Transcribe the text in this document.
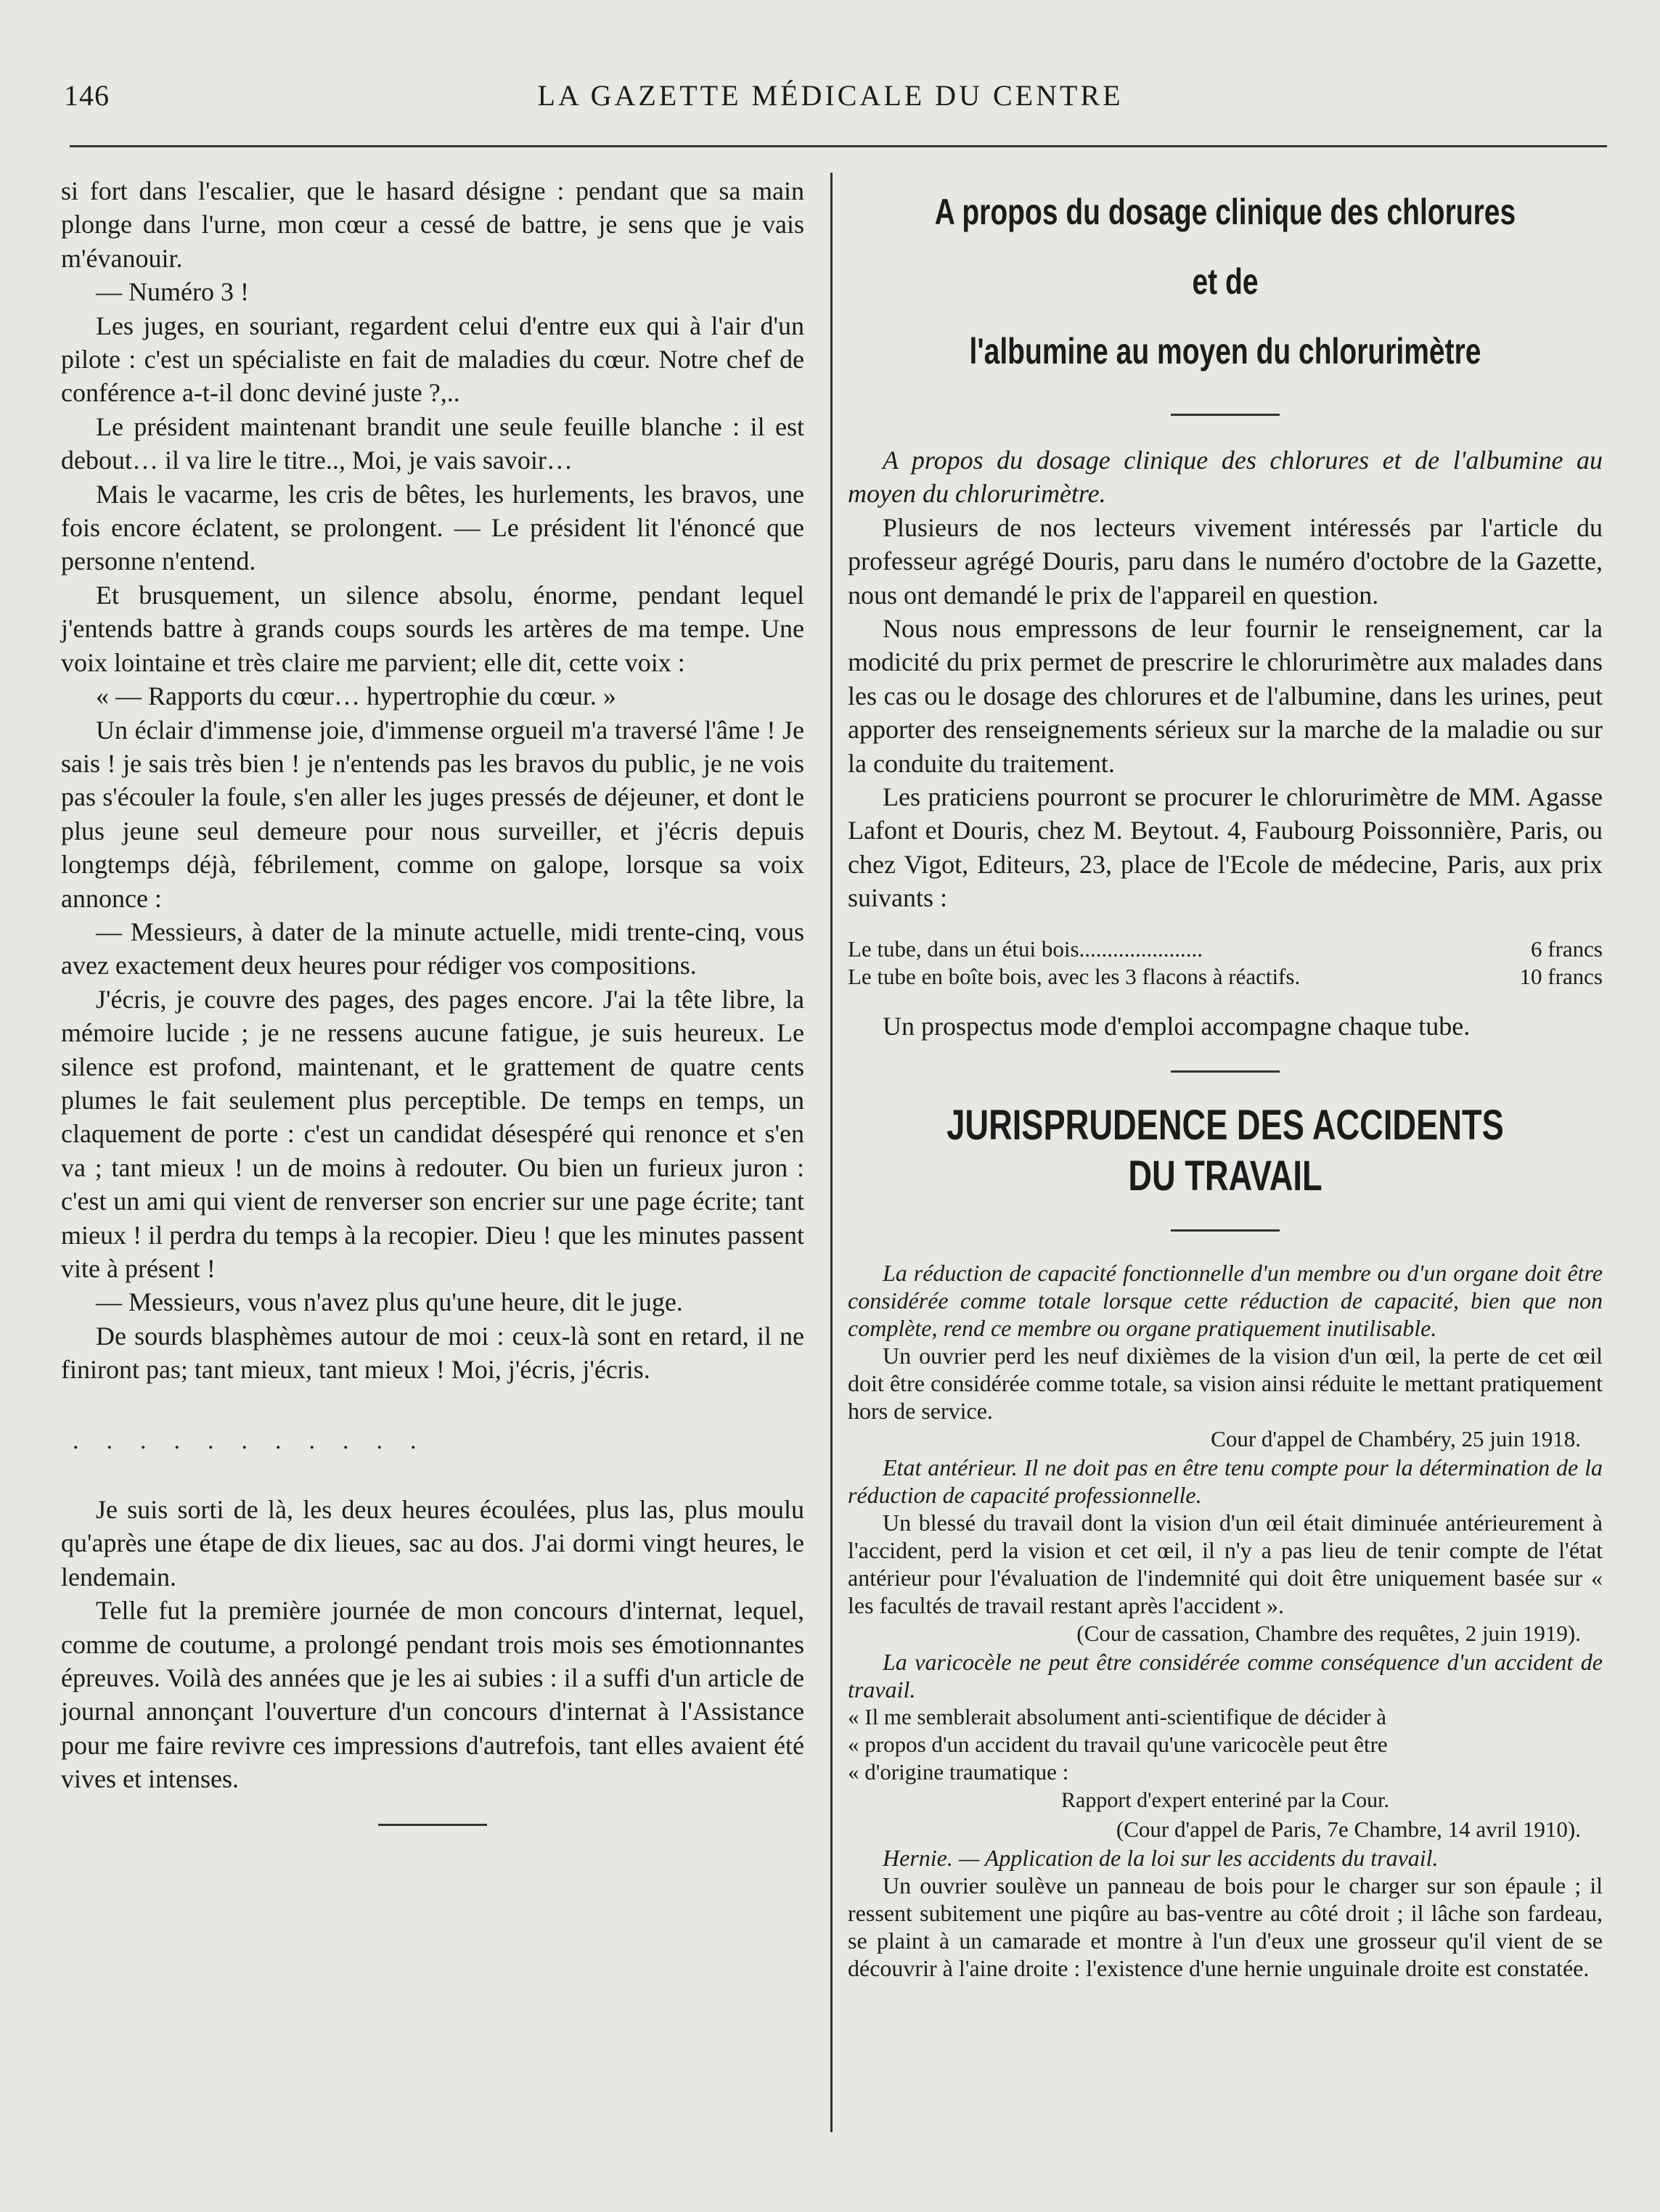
146	LA GAZETTE MÉDICALE DU CENTRE

si fort dans l'escalier, que le hasard désigne : pendant que sa main plonge dans l'urne, mon cœur a cessé de battre, je sens que je vais m'évanouir.

— Numéro 3 !

Les juges, en souriant, regardent celui d'entre eux qui à l'air d'un pilote : c'est un spécialiste en fait de maladies du cœur. Notre chef de conférence a-t-il donc deviné juste ?,..

Le président maintenant brandit une seule feuille blanche : il est debout… il va lire le titre.., Moi, je vais savoir…

Mais le vacarme, les cris de bêtes, les hurlements, les bravos, une fois encore éclatent, se prolongent. — Le président lit l'énoncé que personne n'entend.

Et brusquement, un silence absolu, énorme, pendant lequel j'entends battre à grands coups sourds les artères de ma tempe. Une voix lointaine et très claire me parvient; elle dit, cette voix :

« — Rapports du cœur… hypertrophie du cœur. »

Un éclair d'immense joie, d'immense orgueil m'a traversé l'âme ! Je sais ! je sais très bien ! je n'entends pas les bravos du public, je ne vois pas s'écouler la foule, s'en aller les juges pressés de déjeuner, et dont le plus jeune seul demeure pour nous surveiller, et j'écris depuis longtemps déjà, fébrilement, comme on galope, lorsque sa voix annonce :

— Messieurs, à dater de la minute actuelle, midi trente-cinq, vous avez exactement deux heures pour rédiger vos compositions.

J'écris, je couvre des pages, des pages encore. J'ai la tête libre, la mémoire lucide ; je ne ressens aucune fatigue, je suis heureux. Le silence est profond, maintenant, et le grattement de quatre cents plumes le fait seulement plus perceptible. De temps en temps, un claquement de porte : c'est un candidat désespéré qui renonce et s'en va ; tant mieux ! un de moins à redouter. Ou bien un furieux juron : c'est un ami qui vient de renverser son encrier sur une page écrite; tant mieux ! il perdra du temps à la recopier. Dieu ! que les minutes passent vite à présent !

— Messieurs, vous n'avez plus qu'une heure, dit le juge.

De sourds blasphèmes autour de moi : ceux-là sont en retard, il ne finiront pas; tant mieux, tant mieux ! Moi, j'écris, j'écris.

...........

Je suis sorti de là, les deux heures écoulées, plus las, plus moulu qu'après une étape de dix lieues, sac au dos. J'ai dormi vingt heures, le lendemain.

Telle fut la première journée de mon concours d'internat, lequel, comme de coutume, a prolongé pendant trois mois ses émotionnantes épreuves. Voilà des années que je les ai subies : il a suffi d'un article de journal annonçant l'ouverture d'un concours d'internat à l'Assistance pour me faire revivre ces impressions d'autrefois, tant elles avaient été vives et intenses.

A propos du dosage clinique des chlorures et de
l'albumine au moyen du chlorurimètre

A propos du dosage clinique des chlorures et de l'albumine au moyen du chlorurimètre.

Plusieurs de nos lecteurs vivement intéressés par l'article du professeur agrégé Douris, paru dans le numéro d'octobre de la Gazette, nous ont demandé le prix de l'appareil en question.

Nous nous empressons de leur fournir le renseignement, car la modicité du prix permet de prescrire le chlorurimètre aux malades dans les cas ou le dosage des chlorures et de l'albumine, dans les urines, peut apporter des renseignements sérieux sur la marche de la maladie ou sur la conduite du traitement.

Les praticiens pourront se procurer le chlorurimètre de MM. Agasse Lafont et Douris, chez M. Beytout. 4, Faubourg Poissonnière, Paris, ou chez Vigot, Editeurs, 23, place de l'Ecole de médecine, Paris, aux prix suivants :

Le tube, dans un étui bois......................	6 francs
Le tube en boîte bois, avec les 3 flacons à réactifs.	10 francs

Un prospectus mode d'emploi accompagne chaque tube.

JURISPRUDENCE DES ACCIDENTS DU TRAVAIL

La réduction de capacité fonctionnelle d'un membre ou d'un organe doit être considérée comme totale lorsque cette réduction de capacité, bien que non complète, rend ce membre ou organe pratiquement inutilisable.

Un ouvrier perd les neuf dixièmes de la vision d'un œil, la perte de cet œil doit être considérée comme totale, sa vision ainsi réduite le mettant pratiquement hors de service.

Cour d'appel de Chambéry, 25 juin 1918.

Etat antérieur. Il ne doit pas en être tenu compte pour la détermination de la réduction de capacité professionnelle.

Un blessé du travail dont la vision d'un œil était diminuée antérieurement à l'accident, perd la vision et cet œil, il n'y a pas lieu de tenir compte de l'état antérieur pour l'évaluation de l'indemnité qui doit être uniquement basée sur « les facultés de travail restant après l'accident ».

(Cour de cassation, Chambre des requêtes, 2 juin 1919).

La varicocèle ne peut être considérée comme conséquence d'un accident de travail.

« Il me semblerait absolument anti-scientifique de décider à
« propos d'un accident du travail qu'une varicocèle peut être
« d'origine traumatique :
Rapport d'expert enteriné par la Cour.
(Cour d'appel de Paris, 7e Chambre, 14 avril 1910).

Hernie. — Application de la loi sur les accidents du travail.

Un ouvrier soulève un panneau de bois pour le charger sur son épaule ; il ressent subitement une piqûre au bas-ventre au côté droit ; il lâche son fardeau, se plaint à un camarade et montre à l'un d'eux une grosseur qu'il vient de se découvrir à l'aine droite : l'existence d'une hernie unguinale droite est constatée.
